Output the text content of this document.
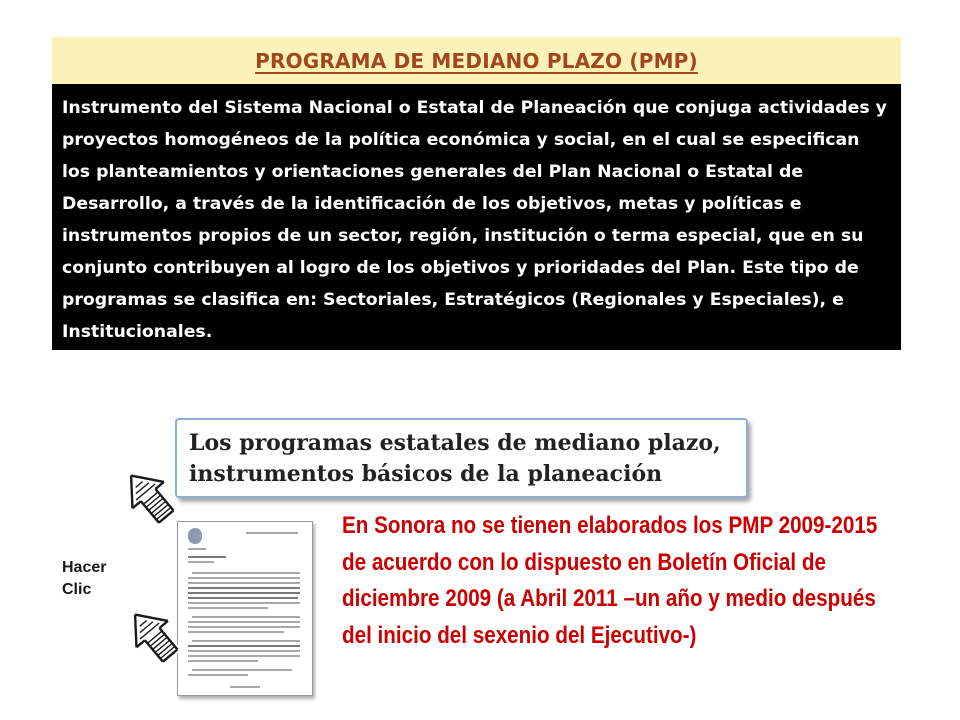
PROGRAMA DE MEDIANO PLAZO (PMP)

Instrumento del Sistema Nacional o Estatal de Planeación que conjuga actividades y proyectos homogéneos de la política económica y social, en el cual se especifican los planteamientos y orientaciones generales del Plan Nacional o Estatal de Desarrollo, a través de la identificación de los objetivos, metas y políticas e instrumentos propios de un sector, región, institución o terma especial, que en su conjunto contribuyen al logro de los objetivos y prioridades del Plan. Este tipo de programas se clasifica en: Sectoriales, Estratégicos (Regionales y Especiales), e Institucionales.

Los programas estatales de mediano plazo,
instrumentos básicos de la planeación
Hacer
Clic

En Sonora no se tienen elaborados los PMP 2009-2015 de acuerdo con lo dispuesto en Boletín Oficial de diciembre 2009 (a Abril 2011 –un año y medio después del inicio del sexenio del Ejecutivo-)
